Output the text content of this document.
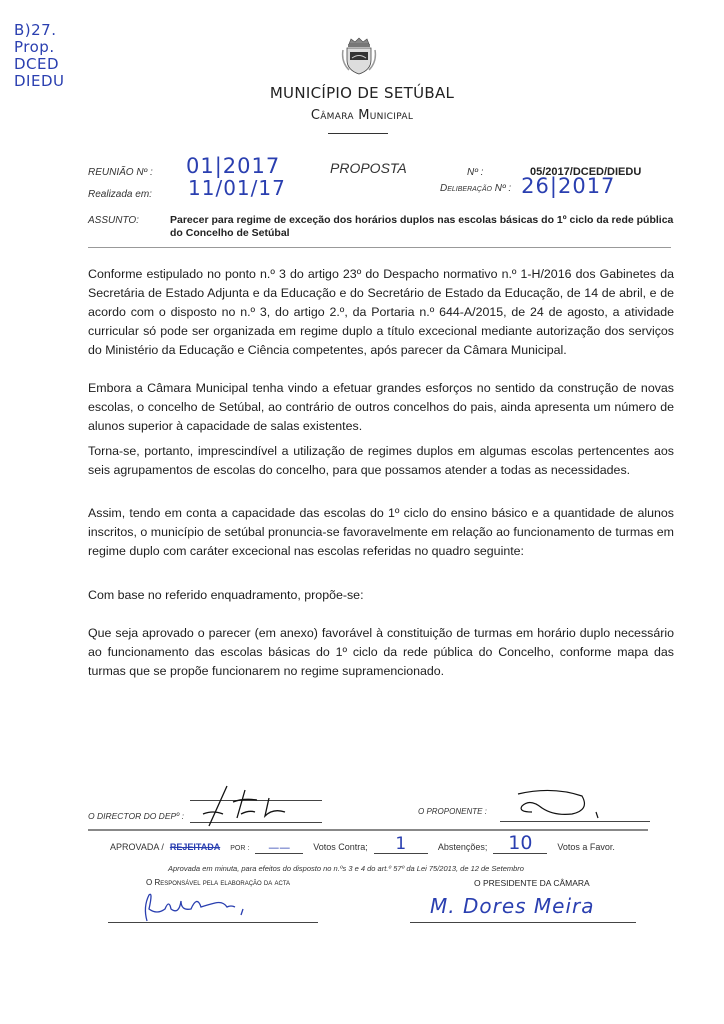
B)27.
Prop.
DCED
DIEDU
MUNICÍPIO DE SETÚBAL
Câmara Municipal
REUNIÃO Nº : 01|2017
Realizada em: 11/01/17
PROPOSTA	Nº :	05/2017/DCED/DIEDU
Deliberação Nº : 26|2017
ASSUNTO:	Parecer para regime de exceção dos horários duplos nas escolas básicas do 1º ciclo da rede pública do Concelho de Setúbal

Conforme estipulado no ponto n.º 3 do artigo 23º do Despacho normativo n.º 1-H/2016 dos Gabinetes da Secretária de Estado Adjunta e da Educação e do Secretário de Estado da Educação, de 14 de abril, e de acordo com o disposto no n.º 3, do artigo 2.º, da Portaria n.º 644-A/2015, de 24 de agosto, a atividade curricular só pode ser organizada em regime duplo a título excecional mediante autorização dos serviços do Ministério da Educação e Ciência competentes, após parecer da Câmara Municipal.

Embora a Câmara Municipal tenha vindo a efetuar grandes esforços no sentido da construção de novas escolas, o concelho de Setúbal, ao contrário de outros concelhos do pais, ainda apresenta um número de alunos superior à capacidade de salas existentes.

Torna-se, portanto, imprescindível a utilização de regimes duplos em algumas escolas pertencentes aos seis agrupamentos de escolas do concelho, para que possamos atender a todas as necessidades.

Assim, tendo em conta a capacidade das escolas do 1º ciclo do ensino básico e a quantidade de alunos inscritos, o município de setúbal pronuncia-se favoravelmente em relação ao funcionamento de turmas em regime duplo com caráter excecional nas escolas referidas no quadro seguinte:

Com base no referido enquadramento, propõe-se:

Que seja aprovado o parecer (em anexo) favorável à constituição de turmas em horário duplo necessário ao funcionamento das escolas básicas do 1º ciclo da rede pública do Concelho, conforme mapa das turmas que se propõe funcionarem no regime supramencionado.

O DIRECTOR DO DEPº :	O PROPONENTE :
APROVADA / REJEITADA POR :	——	Votos Contra;	1	Abstenções;	10	Votos a Favor.
Aprovada em minuta, para efeitos do disposto no n.ºs 3 e 4 do art.º 57º da Lei 75/2013, de 12 de Setembro
O Responsável pela elaboração da acta	O PRESIDENTE DA CÂMARA
M. Dores Meira
